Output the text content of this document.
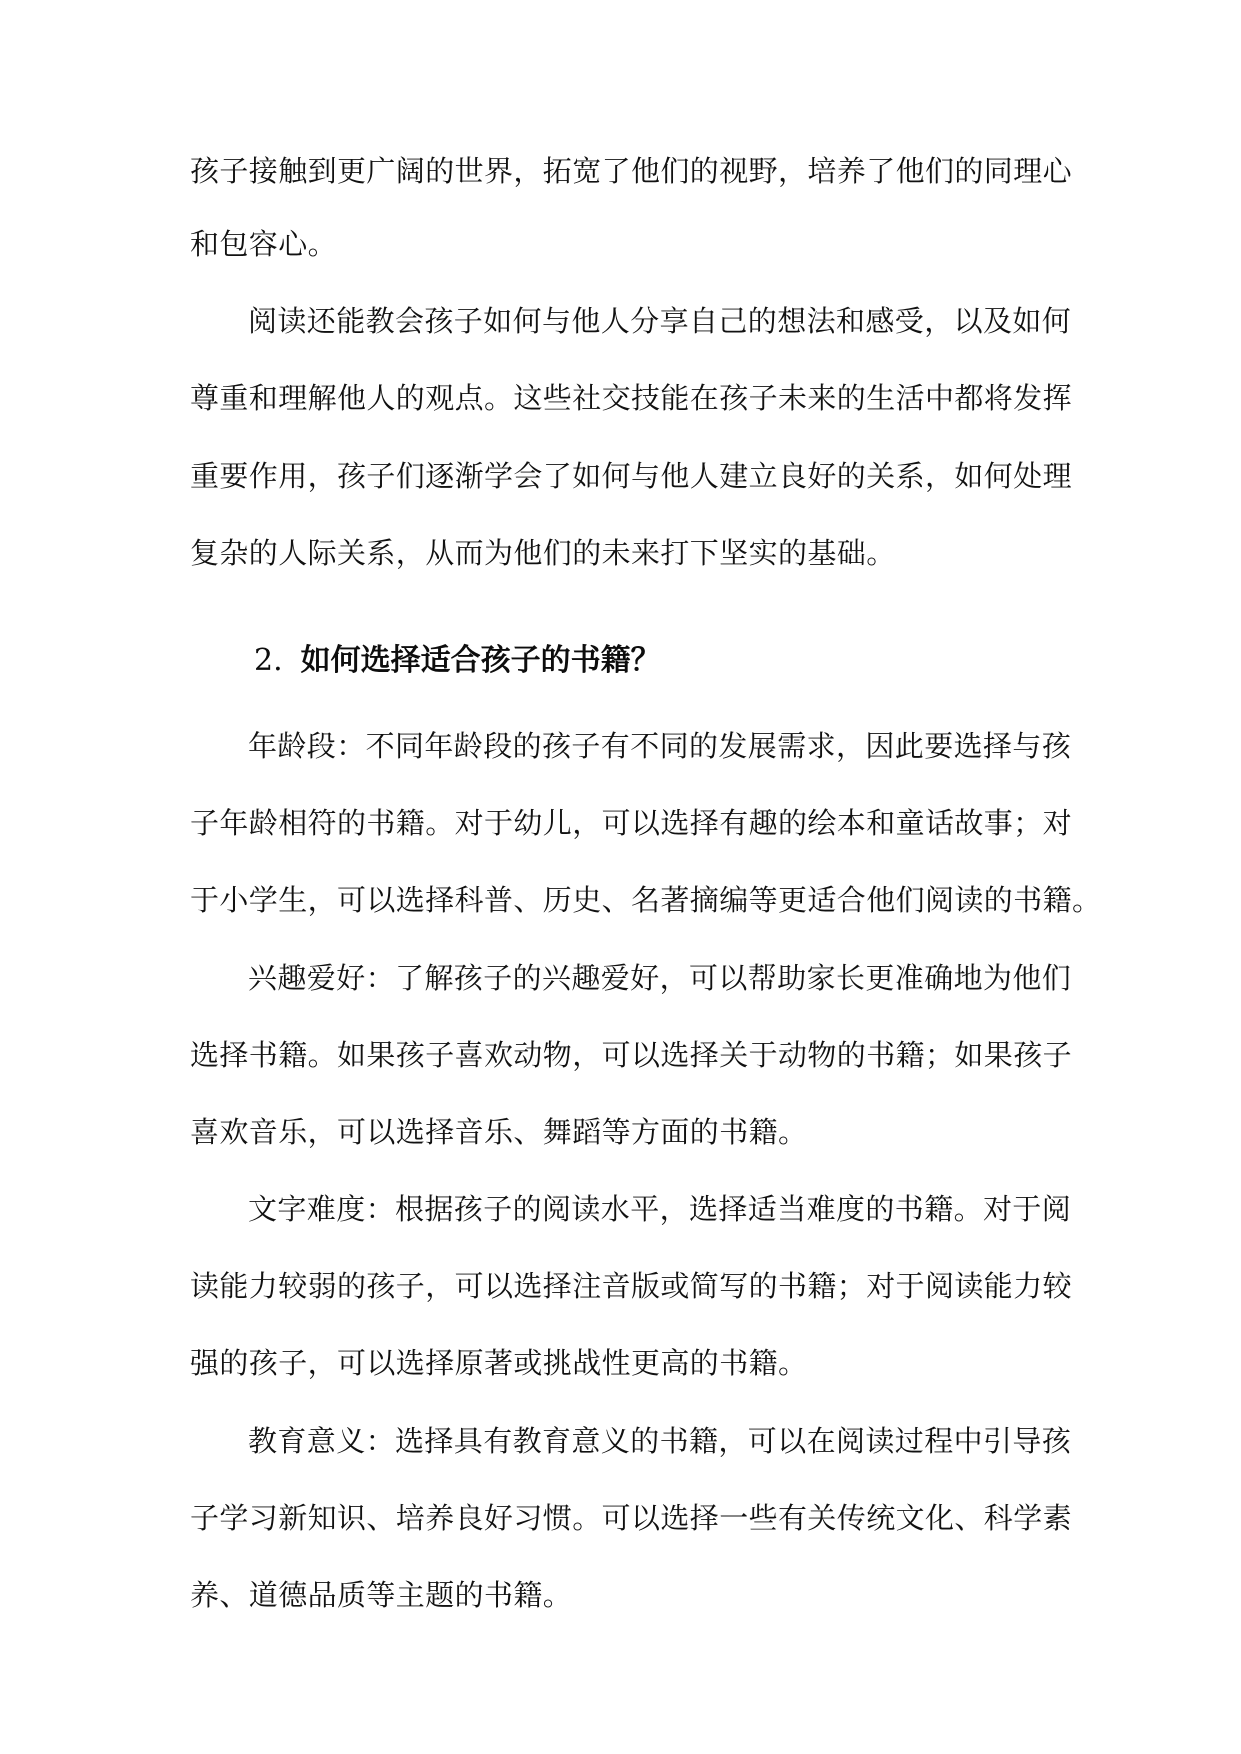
孩子接触到更广阔的世界，拓宽了他们的视野，培养了他们的同理心
和包容心。
阅读还能教会孩子如何与他人分享自己的想法和感受，以及如何
尊重和理解他人的观点。这些社交技能在孩子未来的生活中都将发挥
重要作用，孩子们逐渐学会了如何与他人建立良好的关系，如何处理
复杂的人际关系，从而为他们的未来打下坚实的基础。
2. 如何选择适合孩子的书籍？
年龄段：不同年龄段的孩子有不同的发展需求，因此要选择与孩
子年龄相符的书籍。对于幼儿，可以选择有趣的绘本和童话故事；对
于小学生，可以选择科普、历史、名著摘编等更适合他们阅读的书籍。
兴趣爱好：了解孩子的兴趣爱好，可以帮助家长更准确地为他们
选择书籍。如果孩子喜欢动物，可以选择关于动物的书籍；如果孩子
喜欢音乐，可以选择音乐、舞蹈等方面的书籍。
文字难度：根据孩子的阅读水平，选择适当难度的书籍。对于阅
读能力较弱的孩子，可以选择注音版或简写的书籍；对于阅读能力较
强的孩子，可以选择原著或挑战性更高的书籍。
教育意义：选择具有教育意义的书籍，可以在阅读过程中引导孩
子学习新知识、培养良好习惯。可以选择一些有关传统文化、科学素
养、道德品质等主题的书籍。
